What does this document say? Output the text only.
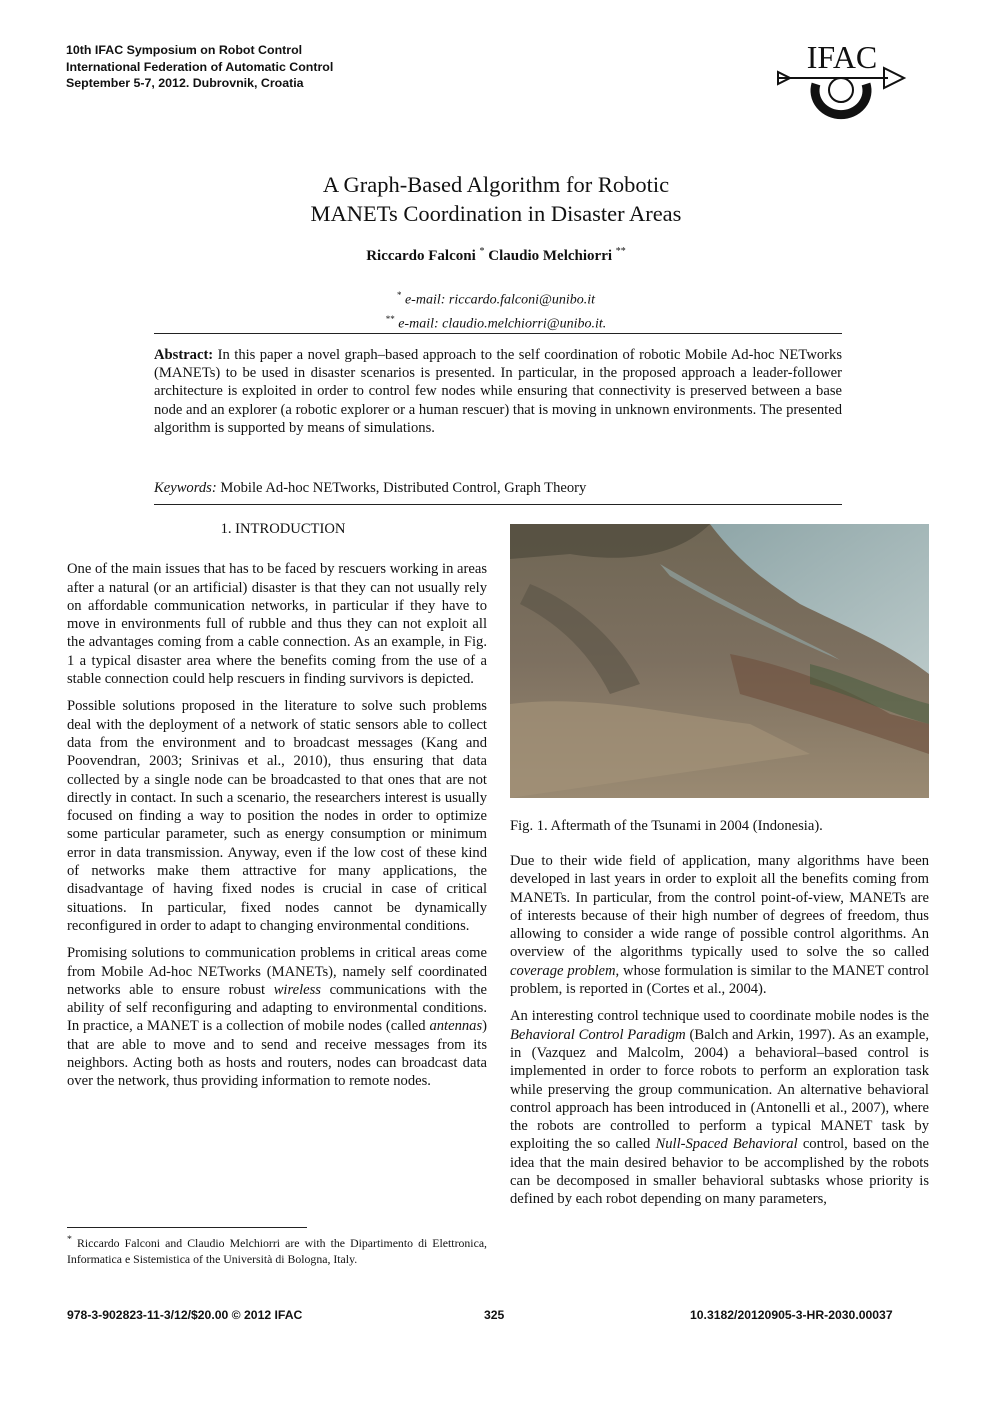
10th IFAC Symposium on Robot Control
International Federation of Automatic Control
September 5-7, 2012. Dubrovnik, Croatia
IFAC
A Graph-Based Algorithm for Robotic
MANETs Coordination in Disaster Areas
Riccardo Falconi * Claudio Melchiorri **
* e-mail: riccardo.falconi@unibo.it
** e-mail: claudio.melchiorri@unibo.it.
Abstract: In this paper a novel graph–based approach to the self coordination of robotic Mobile Ad-hoc NETworks (MANETs) to be used in disaster scenarios is presented. In particular, in the proposed approach a leader-follower architecture is exploited in order to control few nodes while ensuring that connectivity is preserved between a base node and an explorer (a robotic explorer or a human rescuer) that is moving in unknown environments. The presented algorithm is supported by means of simulations.
Keywords: Mobile Ad-hoc NETworks, Distributed Control, Graph Theory
1. INTRODUCTION

One of the main issues that has to be faced by rescuers working in areas after a natural (or an artificial) disaster is that they can not usually rely on affordable communication networks, in particular if they have to move in environments full of rubble and thus they can not exploit all the advantages coming from a cable connection. As an example, in Fig. 1 a typical disaster area where the benefits coming from the use of a stable connection could help rescuers in finding survivors is depicted.

Possible solutions proposed in the literature to solve such problems deal with the deployment of a network of static sensors able to collect data from the environment and to broadcast messages (Kang and Poovendran, 2003; Srinivas et al., 2010), thus ensuring that data collected by a single node can be broadcasted to that ones that are not directly in contact. In such a scenario, the researchers interest is usually focused on finding a way to position the nodes in order to optimize some particular parameter, such as energy consumption or minimum error in data transmission. Anyway, even if the low cost of these kind of networks make them attractive for many applications, the disadvantage of having fixed nodes is crucial in case of critical situations. In particular, fixed nodes cannot be dynamically reconfigured in order to adapt to changing environmental conditions.

Promising solutions to communication problems in critical areas come from Mobile Ad-hoc NETworks (MANETs), namely self coordinated networks able to ensure robust wireless communications with the ability of self reconfiguring and adapting to environmental conditions. In practice, a MANET is a collection of mobile nodes (called antennas) that are able to move and to send and receive messages from its neighbors. Acting both as hosts and routers, nodes can broadcast data over the network, thus providing information to remote nodes.

* Riccardo Falconi and Claudio Melchiorri are with the Dipartimento di Elettronica, Informatica e Sistemistica of the Università di Bologna, Italy.
Fig. 1. Aftermath of the Tsunami in 2004 (Indonesia).

Due to their wide field of application, many algorithms have been developed in last years in order to exploit all the benefits coming from MANETs. In particular, from the control point-of-view, MANETs are of interests because of their high number of degrees of freedom, thus allowing to consider a wide range of possible control algorithms. An overview of the algorithms typically used to solve the so called coverage problem, whose formulation is similar to the MANET control problem, is reported in (Cortes et al., 2004).

An interesting control technique used to coordinate mobile nodes is the Behavioral Control Paradigm (Balch and Arkin, 1997). As an example, in (Vazquez and Malcolm, 2004) a behavioral–based control is implemented in order to force robots to perform an exploration task while preserving the group communication. An alternative behavioral control approach has been introduced in (Antonelli et al., 2007), where the robots are controlled to perform a typical MANET task by exploiting the so called Null-Spaced Behavioral control, based on the idea that the main desired behavior to be accomplished by the robots can be decomposed in smaller behavioral subtasks whose priority is defined by each robot depending on many parameters,

978-3-902823-11-3/12/$20.00 © 2012 IFAC	325	10.3182/20120905-3-HR-2030.00037
